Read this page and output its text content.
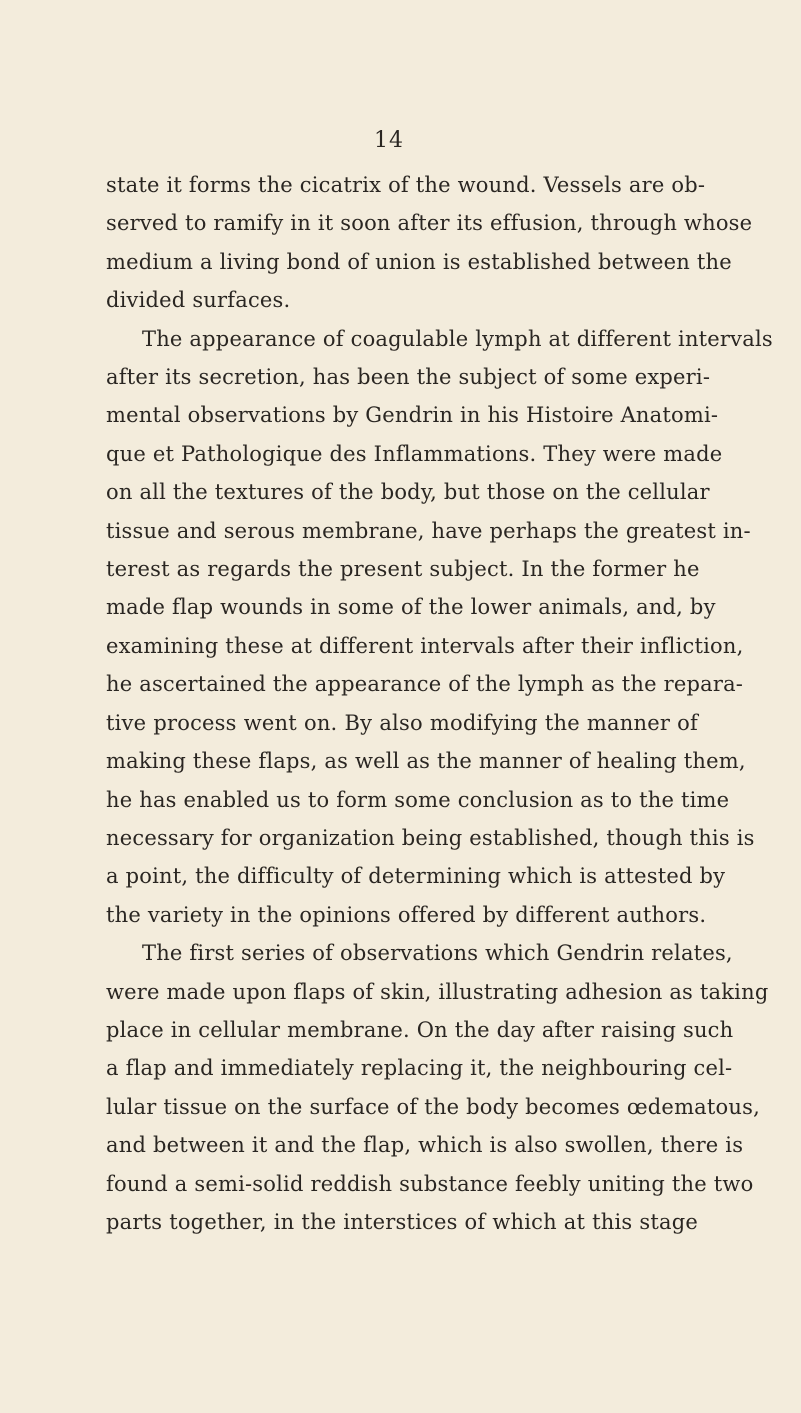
14
state it forms the cicatrix of the wound. Vessels are ob-
served to ramify in it soon after its effusion, through whose
medium a living bond of union is established between the
divided surfaces.
The appearance of coagulable lymph at different intervals
after its secretion, has been the subject of some experi-
mental observations by Gendrin in his Histoire Anatomi-
que et Pathologique des Inflammations. They were made
on all the textures of the body, but those on the cellular
tissue and serous membrane, have perhaps the greatest in-
terest as regards the present subject. In the former he
made flap wounds in some of the lower animals, and, by
examining these at different intervals after their infliction,
he ascertained the appearance of the lymph as the repara-
tive process went on. By also modifying the manner of
making these flaps, as well as the manner of healing them,
he has enabled us to form some conclusion as to the time
necessary for organization being established, though this is
a point, the difficulty of determining which is attested by
the variety in the opinions offered by different authors.
The first series of observations which Gendrin relates,
were made upon flaps of skin, illustrating adhesion as taking
place in cellular membrane. On the day after raising such
a flap and immediately replacing it, the neighbouring cel-
lular tissue on the surface of the body becomes œdematous,
and between it and the flap, which is also swollen, there is
found a semi-solid reddish substance feebly uniting the two
parts together, in the interstices of which at this stage
